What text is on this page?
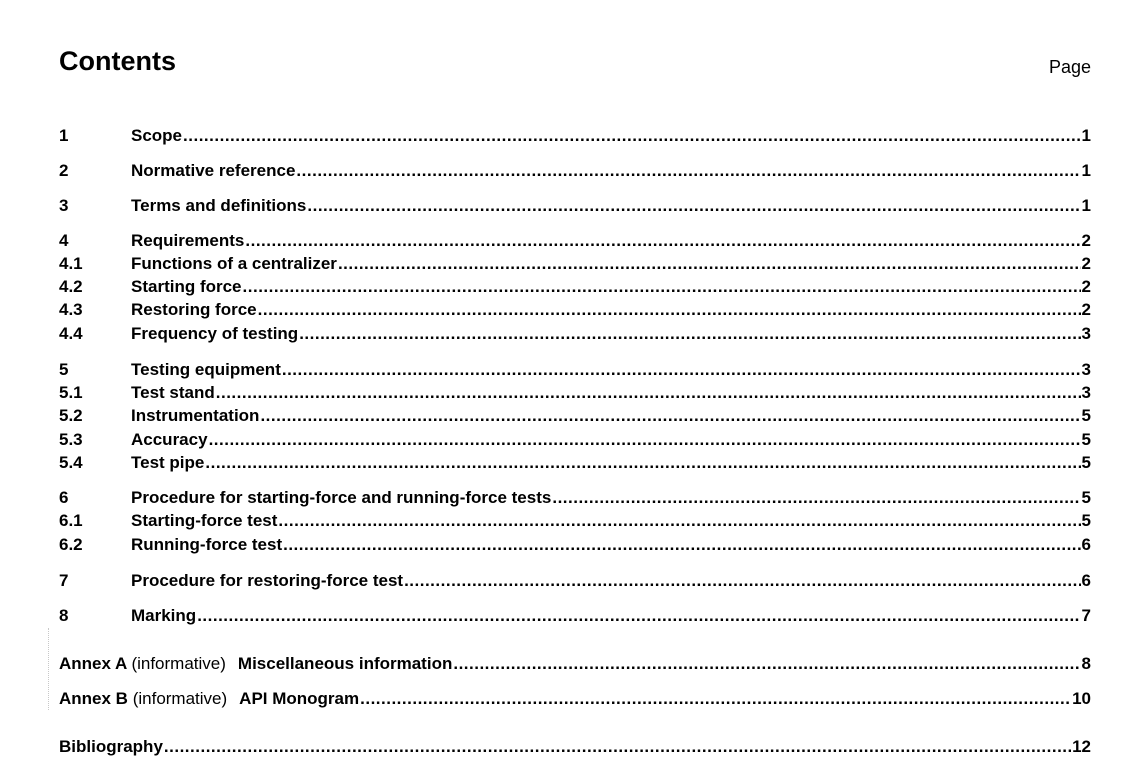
Contents	Page
1	Scope .....	1
2	Normative reference .....	1
3	Terms and definitions .....	1
4	Requirements .....	2
4.1	Functions of a centralizer .....	2
4.2	Starting force .....	2
4.3	Restoring force .....	2
4.4	Frequency of testing .....	3
5	Testing equipment .....	3
5.1	Test stand .....	3
5.2	Instrumentation .....	5
5.3	Accuracy .....	5
5.4	Test pipe .....	5
6	Procedure for starting-force and running-force tests .....	5
6.1	Starting-force test .....	5
6.2	Running-force test .....	6
7	Procedure for restoring-force test .....	6
8	Marking .....	7
Annex A (informative) Miscellaneous information .....	8
Annex B (informative) API Monogram .....	10
Bibliography .....	12
